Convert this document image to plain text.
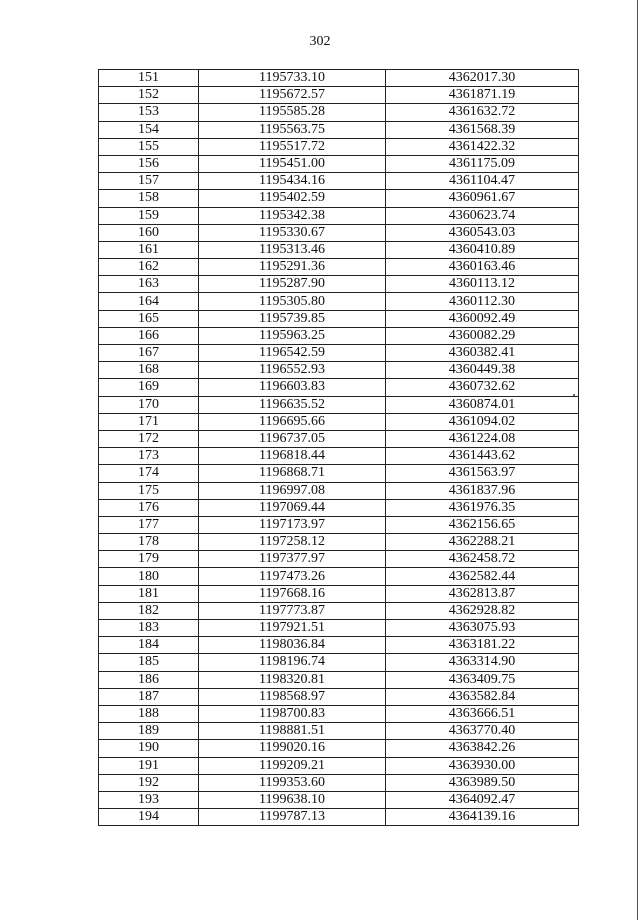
302
151	1195733.10	4362017.30
152	1195672.57	4361871.19
153	1195585.28	4361632.72
154	1195563.75	4361568.39
155	1195517.72	4361422.32
156	1195451.00	4361175.09
157	1195434.16	4361104.47
158	1195402.59	4360961.67
159	1195342.38	4360623.74
160	1195330.67	4360543.03
161	1195313.46	4360410.89
162	1195291.36	4360163.46
163	1195287.90	4360113.12
164	1195305.80	4360112.30
165	1195739.85	4360092.49
166	1195963.25	4360082.29
167	1196542.59	4360382.41
168	1196552.93	4360449.38
169	1196603.83	4360732.62
170	1196635.52	4360874.01
171	1196695.66	4361094.02
172	1196737.05	4361224.08
173	1196818.44	4361443.62
174	1196868.71	4361563.97
175	1196997.08	4361837.96
176	1197069.44	4361976.35
177	1197173.97	4362156.65
178	1197258.12	4362288.21
179	1197377.97	4362458.72
180	1197473.26	4362582.44
181	1197668.16	4362813.87
182	1197773.87	4362928.82
183	1197921.51	4363075.93
184	1198036.84	4363181.22
185	1198196.74	4363314.90
186	1198320.81	4363409.75
187	1198568.97	4363582.84
188	1198700.83	4363666.51
189	1198881.51	4363770.40
190	1199020.16	4363842.26
191	1199209.21	4363930.00
192	1199353.60	4363989.50
193	1199638.10	4364092.47
194	1199787.13	4364139.16
